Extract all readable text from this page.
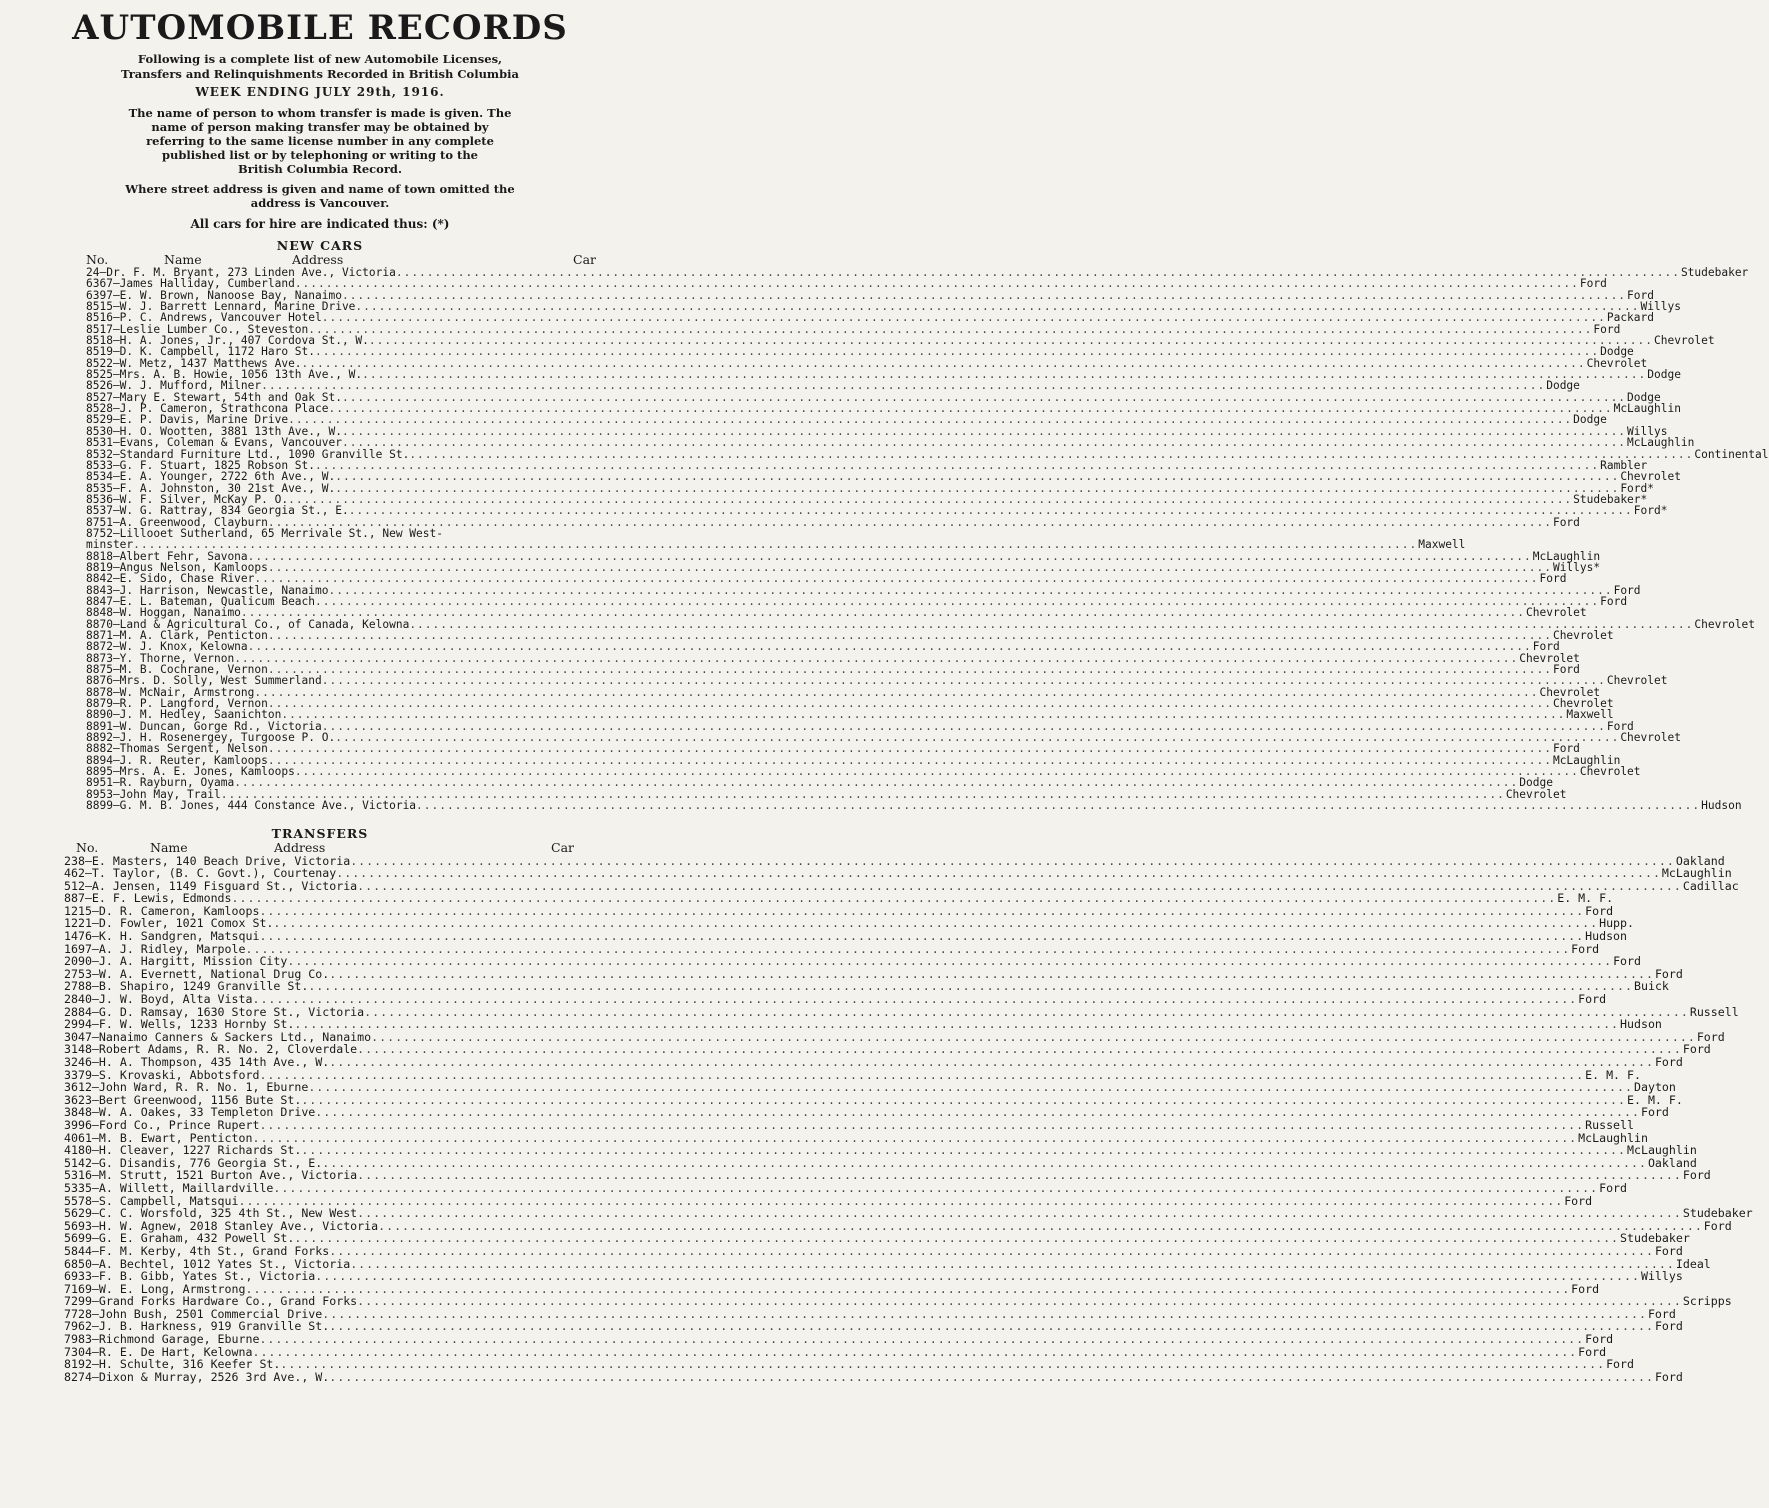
AUTOMOBILE RECORDS
Following is a complete list of new Automobile Licenses,
Transfers and Relinquishments Recorded in British Columbia
WEEK ENDING JULY 29th, 1916.
The name of person to whom transfer is made is given. The
name of person making transfer may be obtained by
referring to the same license number in any complete
published list or by telephoning or writing to the
British Columbia Record.
Where street address is given and name of town omitted the
address is Vancouver.
All cars for hire are indicated thus: (*)
NEW CARS
No.	Name	Address	Car
24—Dr. F. M. Bryant, 273 Linden Ave., Victoria .....	Studebaker
6367—James Halliday, Cumberland .....	Ford
6397—E. W. Brown, Nanoose Bay, Nanaimo .....	Ford
8515—W. J. Barrett Lennard, Marine Drive .....	Willys
8516—P. C. Andrews, Vancouver Hotel .....	Packard
8517—Leslie Lumber Co., Steveston .....	Ford
8518—H. A. Jones, Jr., 407 Cordova St., W. .....	Chevrolet
8519—D. K. Campbell, 1172 Haro St. .....	Dodge
8522—W. Metz, 1437 Matthews Ave. .....	Chevrolet
8525—Mrs. A. B. Howie, 1056 13th Ave., W. .....	Dodge
8526—W. J. Mufford, Milner .....	Dodge
8527—Mary E. Stewart, 54th and Oak St. .....	Dodge
8528—J. P. Cameron, Strathcona Place .....	McLaughlin
8529—E. P. Davis, Marine Drive .....	Dodge
8530—H. O. Wootten, 3881 13th Ave., W. .....	Willys
8531—Evans, Coleman & Evans, Vancouver .....	McLaughlin
8532—Standard Furniture Ltd., 1090 Granville St. .....	Continental
8533—G. F. Stuart, 1825 Robson St. .....	Rambler
8534—E. A. Younger, 2722 6th Ave., W. .....	Chevrolet
8535—F. A. Johnston, 30 21st Ave., W. .....	Ford*
8536—W. F. Silver, McKay P. O. .....	Studebaker*
8537—W. G. Rattray, 834 Georgia St., E. .....	Ford*
8751—A. Greenwood, Clayburn .....	Ford
8752—Lillooet Sutherland, 65 Merrivale St., New West-
minster .....	Maxwell
8818—Albert Fehr, Savona .....	McLaughlin
8819—Angus Nelson, Kamloops .....	Willys*
8842—E. Sido, Chase River .....	Ford
8843—J. Harrison, Newcastle, Nanaimo .....	Ford
8847—E. L. Bateman, Qualicum Beach .....	Ford
8848—W. Hoggan, Nanaimo .....	Chevrolet
8870—Land & Agricultural Co., of Canada, Kelowna .....	Chevrolet
8871—M. A. Clark, Penticton .....	Chevrolet
8872—W. J. Knox, Kelowna .....	Ford
8873—Y. Thorne, Vernon .....	Chevrolet
8875—M. B. Cochrane, Vernon .....	Ford
8876—Mrs. D. Solly, West Summerland .....	Chevrolet
8878—W. McNair, Armstrong .....	Chevrolet
8879—R. P. Langford, Vernon .....	Chevrolet
8890—J. M. Hedley, Saanichton .....	Maxwell
8891—W. Duncan, Gorge Rd., Victoria .....	Ford
8892—J. H. Rosenergey, Turgoose P. O. .....	Chevrolet
8882—Thomas Sergent, Nelson .....	Ford
8894—J. R. Reuter, Kamloops .....	McLaughlin
8895—Mrs. A. E. Jones, Kamloops .....	Chevrolet
8951—R. Rayburn, Oyama .....	Dodge
8953—John May, Trail .....	Chevrolet
8899—G. M. B. Jones, 444 Constance Ave., Victoria .....	Hudson
TRANSFERS
No.	Name	Address	Car
238—E. Masters, 140 Beach Drive, Victoria .....	Oakland
462—T. Taylor, (B. C. Govt.), Courtenay .....	McLaughlin
512—A. Jensen, 1149 Fisguard St., Victoria .....	Cadillac
887—E. F. Lewis, Edmonds .....	E. M. F.
1215—D. R. Cameron, Kamloops .....	Ford
1221—D. Fowler, 1021 Comox St. .....	Hupp.
1476—K. H. Sandgren, Matsqui .....	Hudson
1697—A. J. Ridley, Marpole .....	Ford
2090—J. A. Hargitt, Mission City .....	Ford
2753—W. A. Evernett, National Drug Co. .....	Ford
2788—B. Shapiro, 1249 Granville St. .....	Buick
2840—J. W. Boyd, Alta Vista .....	Ford
2884—G. D. Ramsay, 1630 Store St., Victoria .....	Russell
2994—F. W. Wells, 1233 Hornby St. .....	Hudson
3047—Nanaimo Canners & Sackers Ltd., Nanaimo .....	Ford
3148—Robert Adams, R. R. No. 2, Cloverdale .....	Ford
3246—H. A. Thompson, 435 14th Ave., W. .....	Ford
3379—S. Krovaski, Abbotsford .....	E. M. F.
3612—John Ward, R. R. No. 1, Eburne .....	Dayton
3623—Bert Greenwood, 1156 Bute St. .....	E. M. F.
3848—W. A. Oakes, 33 Templeton Drive .....	Ford
3996—Ford Co., Prince Rupert .....	Russell
4061—M. B. Ewart, Penticton .....	McLaughlin
4180—H. Cleaver, 1227 Richards St. .....	McLaughlin
5142—G. Disandis, 776 Georgia St., E. .....	Oakland
5316—M. Strutt, 1521 Burton Ave., Victoria .....	Ford
5335—A. Willett, Maillardville .....	Ford
5578—S. Campbell, Matsqui .....	Ford
5629—C. C. Worsfold, 325 4th St., New West .....	Studebaker
5693—H. W. Agnew, 2018 Stanley Ave., Victoria .....	Ford
5699—G. E. Graham, 432 Powell St. .....	Studebaker
5844—F. M. Kerby, 4th St., Grand Forks .....	Ford
6850—A. Bechtel, 1012 Yates St., Victoria .....	Ideal
6933—F. B. Gibb, Yates St., Victoria .....	Willys
7169—W. E. Long, Armstrong .....	Ford
7299—Grand Forks Hardware Co., Grand Forks .....	Scripps
7728—John Bush, 2501 Commercial Drive .....	Ford
7962—J. B. Harkness, 919 Granville St. .....	Ford
7983—Richmond Garage, Eburne .....	Ford
7304—R. E. De Hart, Kelowna .....	Ford
8192—H. Schulte, 316 Keefer St. .....	Ford
8274—Dixon & Murray, 2526 3rd Ave., W. .....	Ford
